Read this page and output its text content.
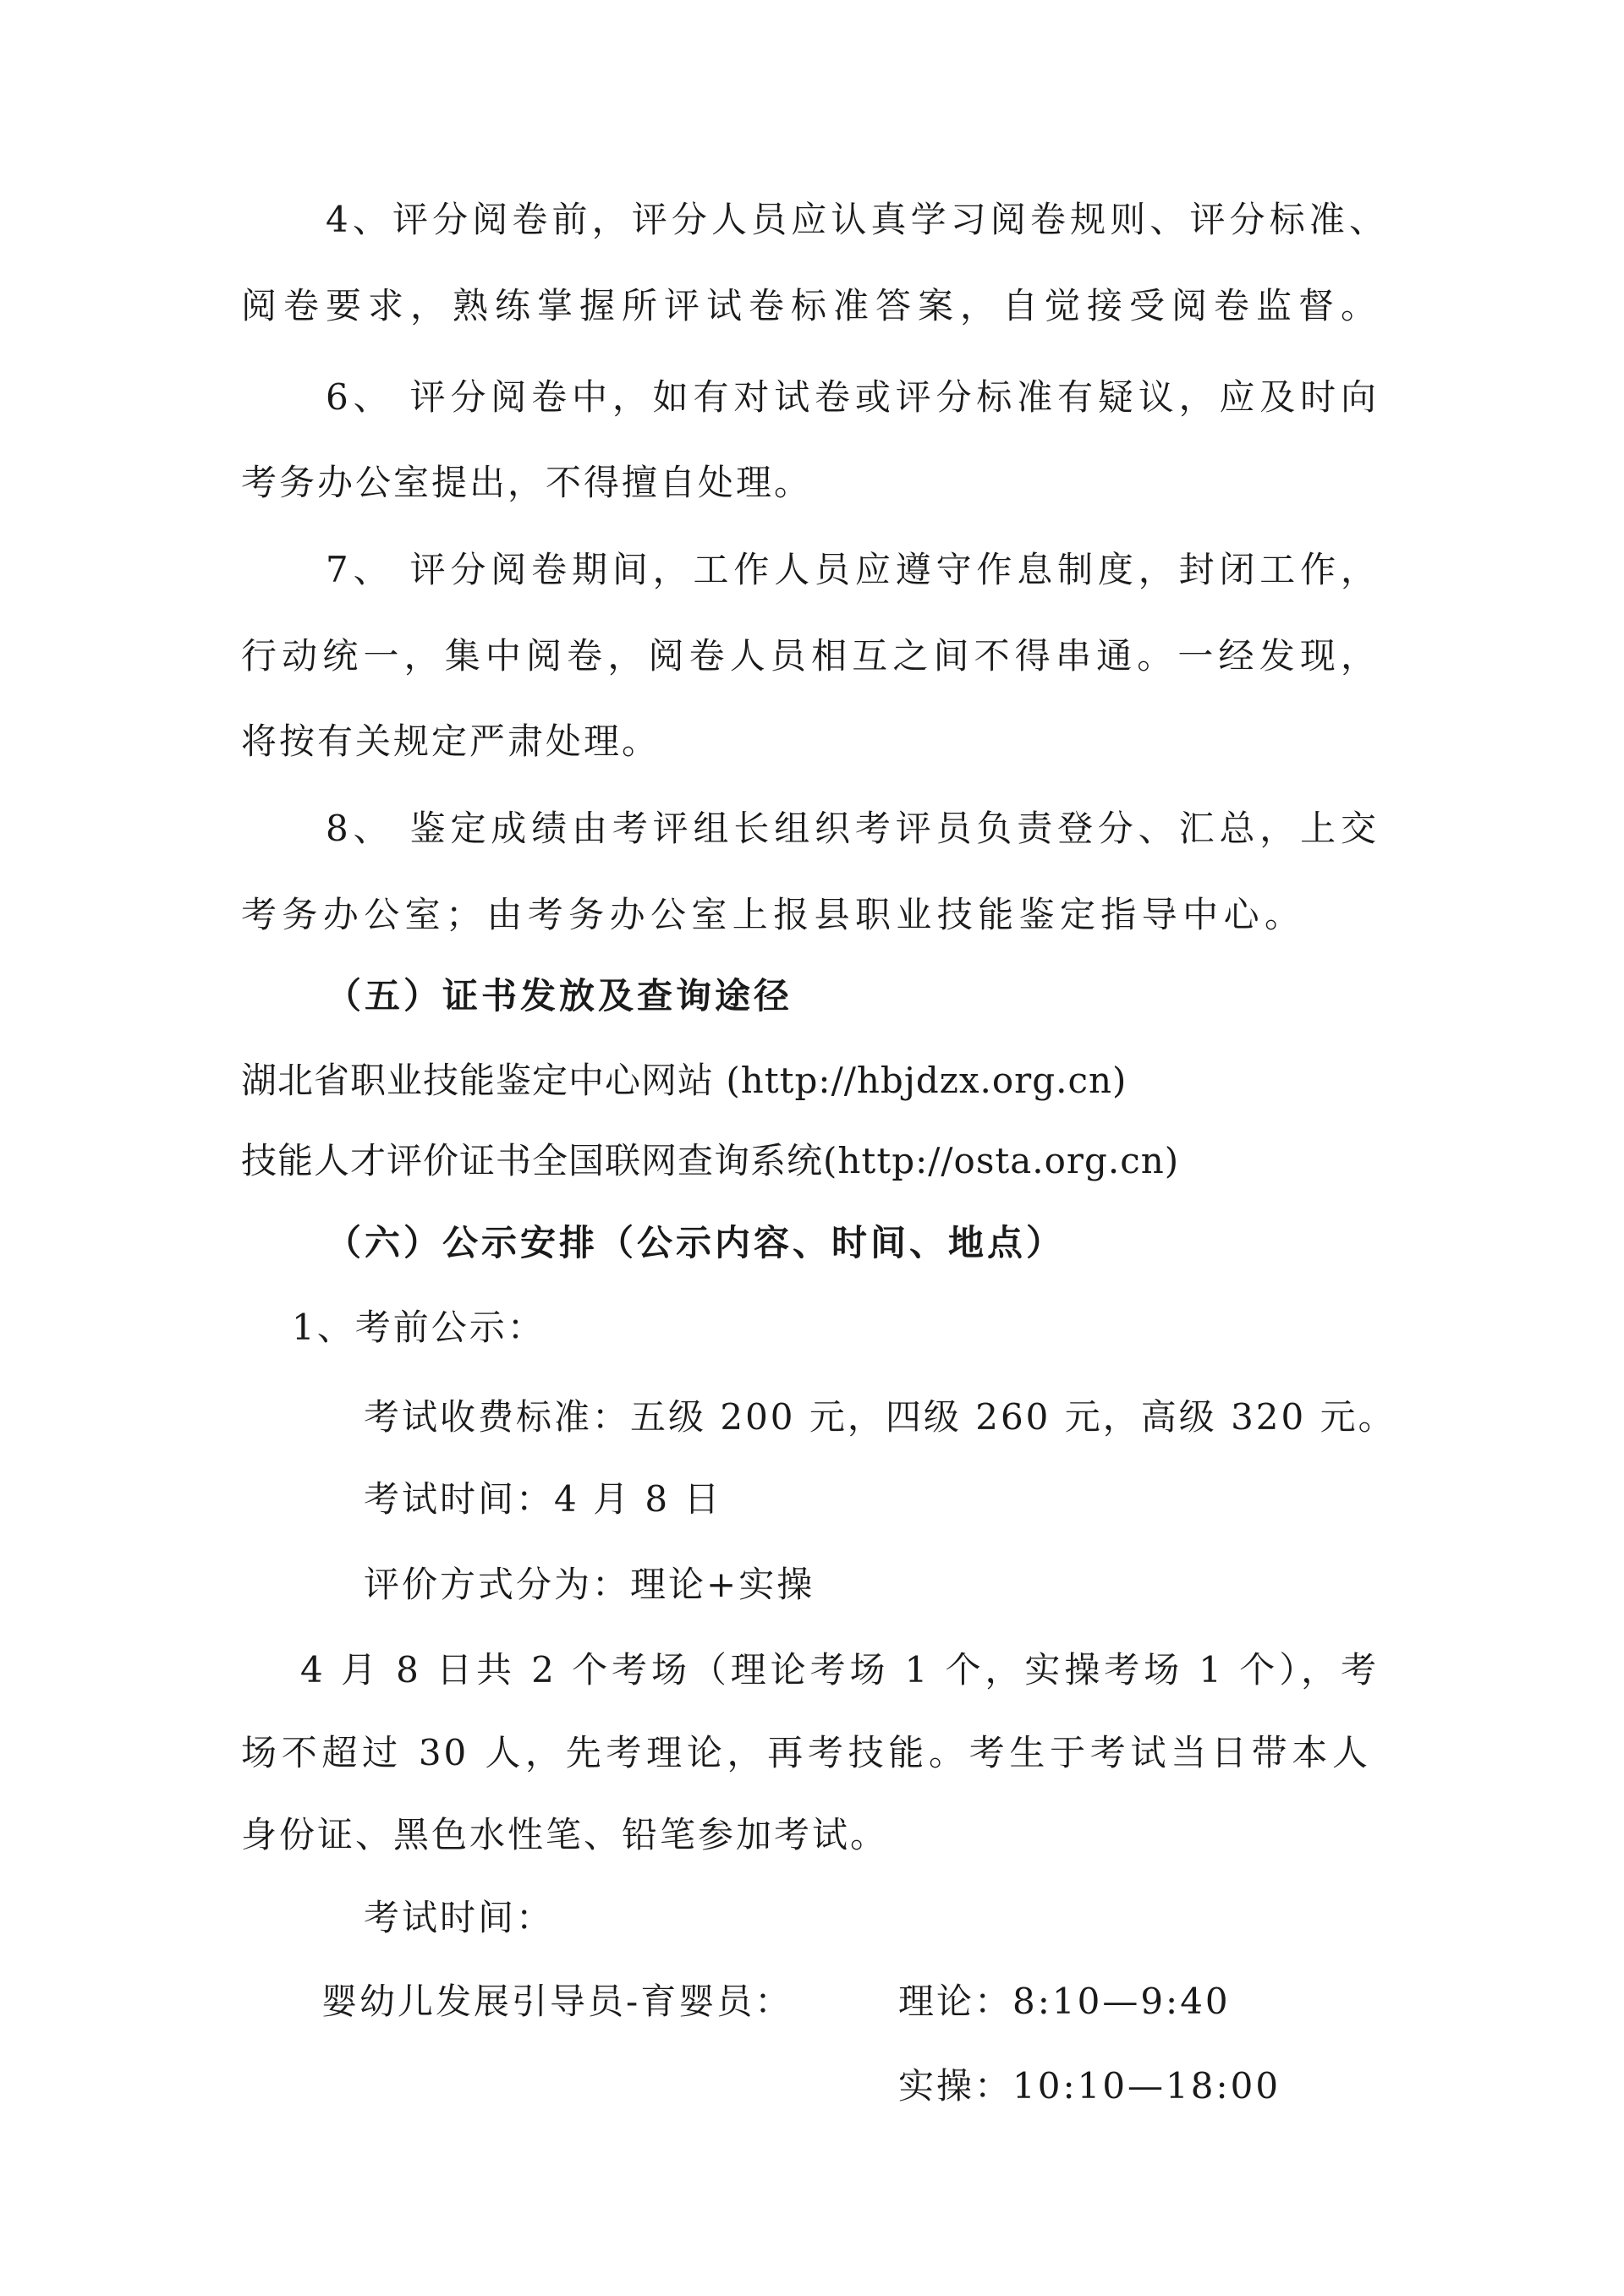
4、评分阅卷前，评分人员应认真学习阅卷规则、评分标准、
阅卷要求，熟练掌握所评试卷标准答案，自觉接受阅卷监督。
6、 评分阅卷中，如有对试卷或评分标准有疑议，应及时向
考务办公室提出，不得擅自处理。
7、 评分阅卷期间，工作人员应遵守作息制度，封闭工作，
行动统一，集中阅卷，阅卷人员相互之间不得串通。一经发现，
将按有关规定严肃处理。
8、 鉴定成绩由考评组长组织考评员负责登分、汇总，上交
考务办公室；由考务办公室上报县职业技能鉴定指导中心。
（五）证书发放及查询途径
湖北省职业技能鉴定中心网站 (http://hbjdzx.org.cn)
技能人才评价证书全国联网查询系统(http://osta.org.cn)
（六）公示安排（公示内容、时间、地点）
1、考前公示：
考试收费标准：五级 200 元，四级 260 元，高级 320 元。
考试时间：4 月 8 日
评价方式分为：理论+实操
4 月 8 日共 2 个考场（理论考场 1 个，实操考场 1 个），考
场不超过 30 人，先考理论，再考技能。考生于考试当日带本人
身份证、黑色水性笔、铅笔参加考试。
考试时间：
婴幼儿发展引导员-育婴员：	理论：8:10—9:40
实操：10:10—18:00
